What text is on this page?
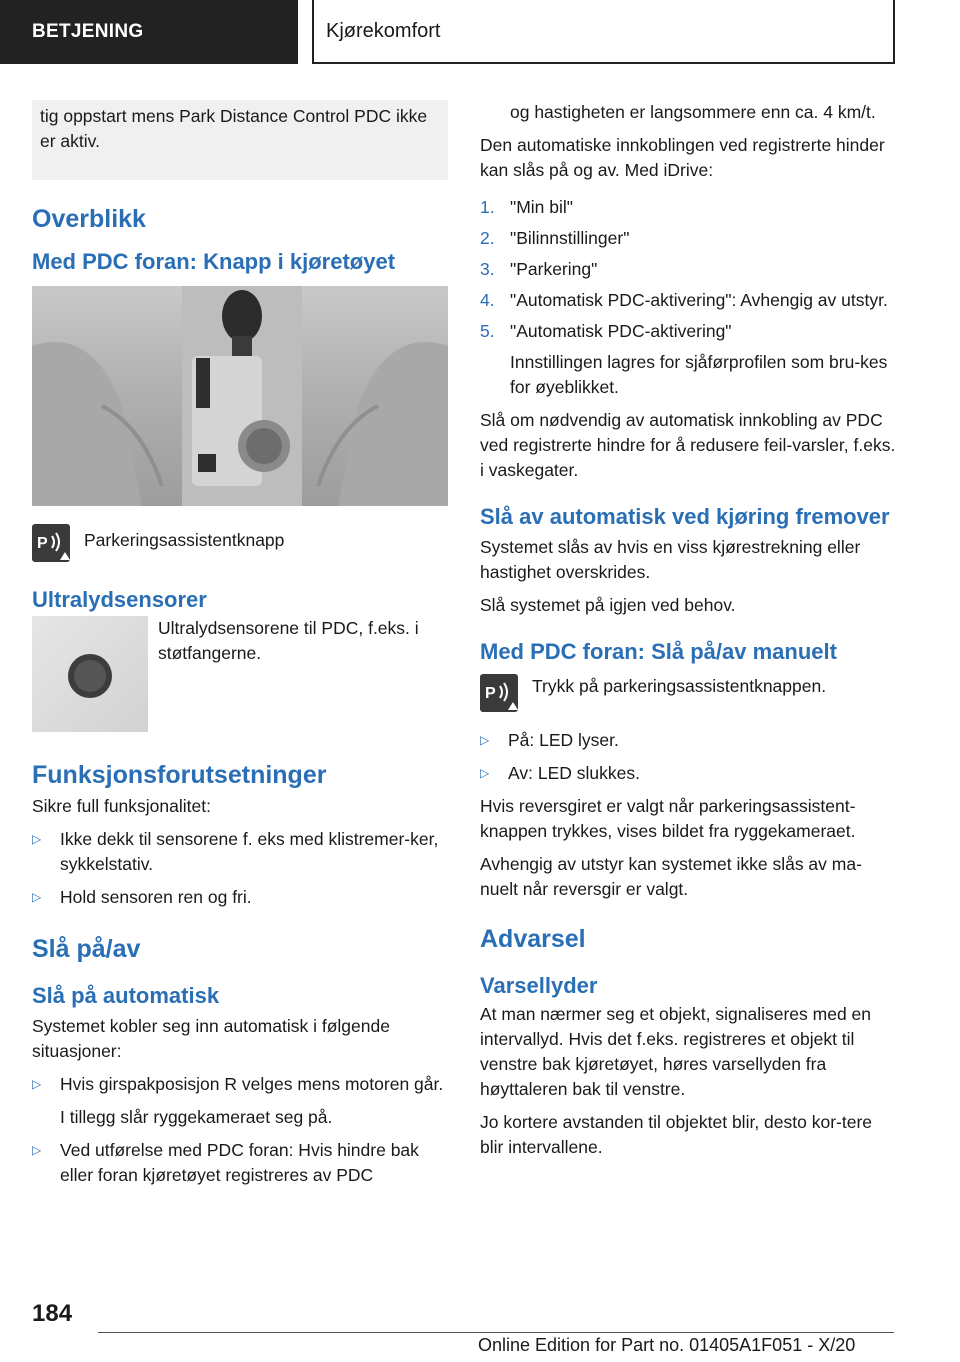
BETJENING	Kjørekomfort
tig oppstart mens Park Distance Control PDC ikke er aktiv.
Overblikk
Med PDC foran: Knapp i kjøretøyet
P Parkeringsassistentknapp
Ultralydsensorer
Ultralydsensorene til PDC, f.eks. i støtfangerne.
Funksjonsforutsetninger

Sikre full funksjonalitet:

▷	Ikke dekk til sensorene f. eks med klistremer-ker, sykkelstativ.
▷	Hold sensoren ren og fri.
Slå på/av
Slå på automatisk

Systemet kobler seg inn automatisk i følgende situasjoner:

▷	Hvis girspakposisjon R velges mens motoren går.

I tillegg slår ryggekameraet seg på.

▷	Ved utførelse med PDC foran: Hvis hindre bak eller foran kjøretøyet registreres av PDC

og hastigheten er langsommere enn ca. 4 km/t.

Den automatiske innkoblingen ved registrerte hinder kan slås på og av. Med iDrive:

1. "Min bil"
2. "Bilinnstillinger"
3. "Parkering"
4. "Automatisk PDC-aktivering": Avhengig av utstyr.
5. "Automatisk PDC-aktivering"

Innstillingen lagres for sjåførprofilen som bru-kes for øyeblikket.

Slå om nødvendig av automatisk innkobling av PDC ved registrerte hindre for å redusere feil-varsler, f.eks. i vaskegater.

Slå av automatisk ved kjøring fremover

Systemet slås av hvis en viss kjørestrekning eller hastighet overskrides.

Slå systemet på igjen ved behov.

Med PDC foran: Slå på/av manuelt
P Trykk på parkeringsassistentknappen.
▷	På: LED lyser.
▷	Av: LED slukkes.

Hvis reversgiret er valgt når parkeringsassistent-knappen trykkes, vises bildet fra ryggekameraet.

Avhengig av utstyr kan systemet ikke slås av ma-nuelt når reversgir er valgt.

Advarsel
Varsellyder

At man nærmer seg et objekt, signaliseres med en intervallyd. Hvis det f.eks. registreres et objekt til venstre bak kjøretøyet, høres varsellyden fra høyttaleren bak til venstre.

Jo kortere avstanden til objektet blir, desto kor-tere blir intervallene.

184
Online Edition for Part no. 01405A1F051 - X/20
